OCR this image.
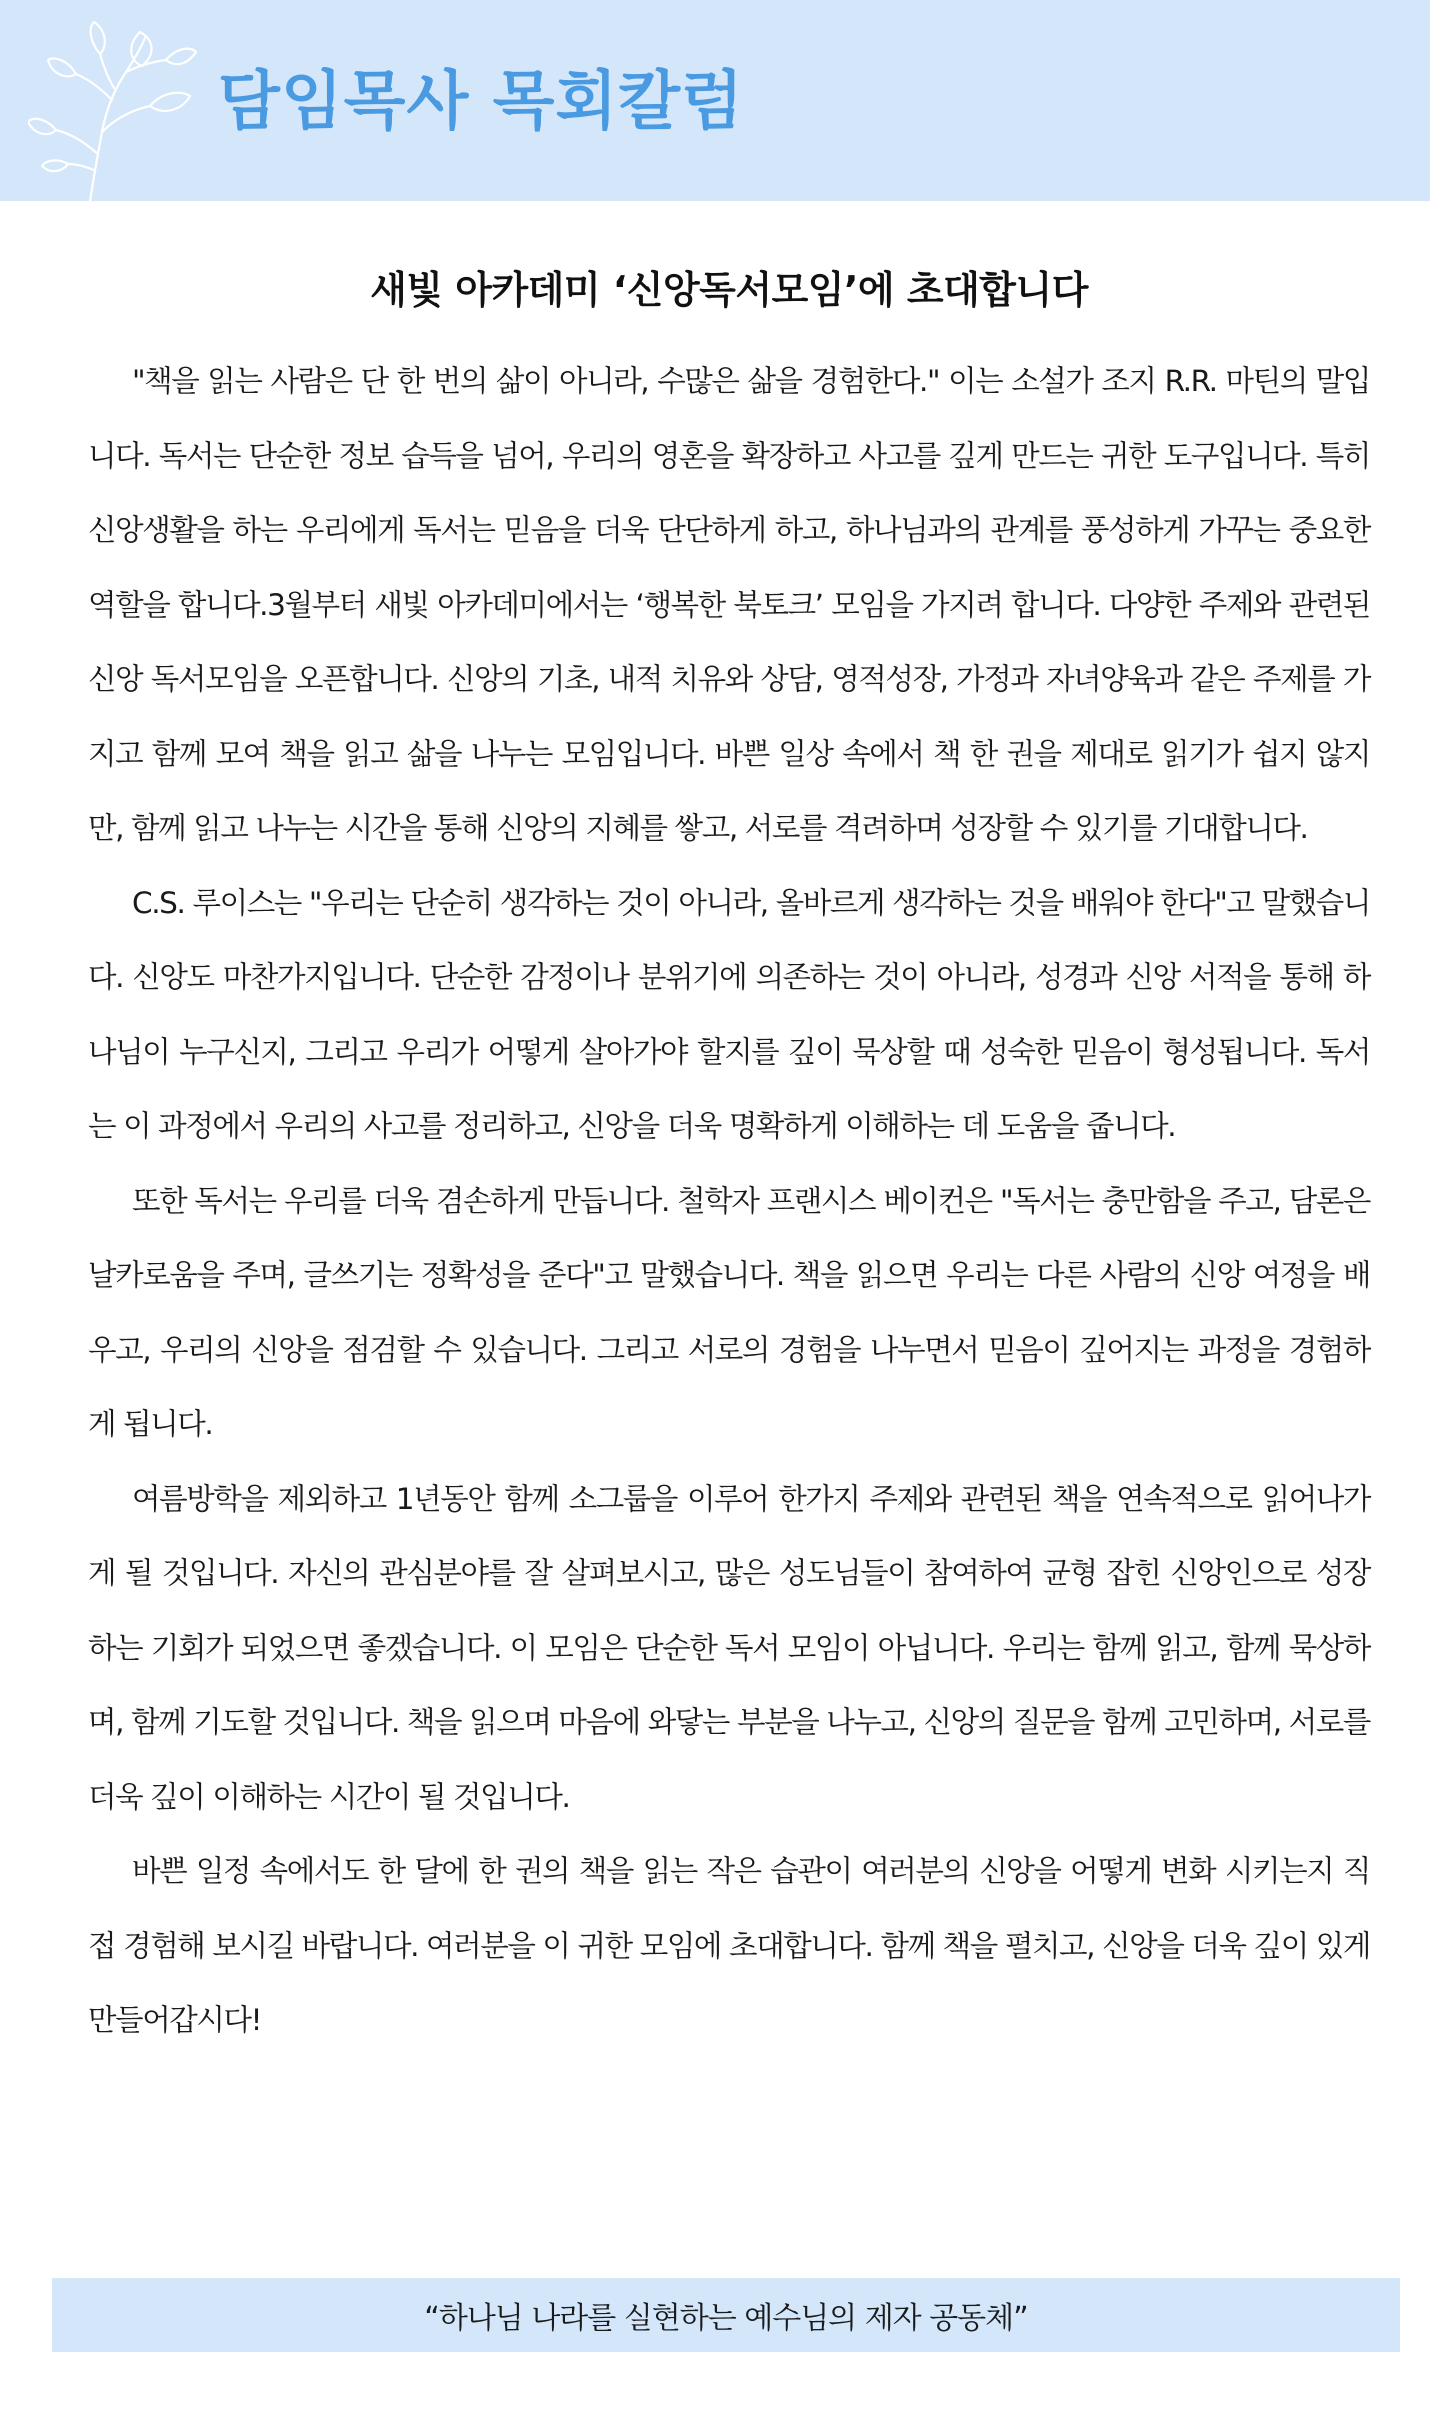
담임목사 목회칼럼
새빛 아카데미 ‘신앙독서모임’에 초대합니다

"책을 읽는 사람은 단 한 번의 삶이 아니라, 수많은 삶을 경험한다." 이는 소설가 조지 R.R. 마틴의 말입니다. 독서는 단순한 정보 습득을 넘어, 우리의 영혼을 확장하고 사고를 깊게 만드는 귀한 도구입니다. 특히 신앙생활을 하는 우리에게 독서는 믿음을 더욱 단단하게 하고, 하나님과의 관계를 풍성하게 가꾸는 중요한 역할을 합니다.3월부터 새빛 아카데미에서는 ‘행복한 북토크’ 모임을 가지려 합니다. 다양한 주제와 관련된 신앙 독서모임을 오픈합니다. 신앙의 기초, 내적 치유와 상담, 영적성장, 가정과 자녀양육과 같은 주제를 가지고 함께 모여 책을 읽고 삶을 나누는 모임입니다. 바쁜 일상 속에서 책 한 권을 제대로 읽기가 쉽지 않지만, 함께 읽고 나누는 시간을 통해 신앙의 지혜를 쌓고, 서로를 격려하며 성장할 수 있기를 기대합니다.

C.S. 루이스는 "우리는 단순히 생각하는 것이 아니라, 올바르게 생각하는 것을 배워야 한다"고 말했습니다. 신앙도 마찬가지입니다. 단순한 감정이나 분위기에 의존하는 것이 아니라, 성경과 신앙 서적을 통해 하나님이 누구신지, 그리고 우리가 어떻게 살아가야 할지를 깊이 묵상할 때 성숙한 믿음이 형성됩니다. 독서는 이 과정에서 우리의 사고를 정리하고, 신앙을 더욱 명확하게 이해하는 데 도움을 줍니다.

또한 독서는 우리를 더욱 겸손하게 만듭니다. 철학자 프랜시스 베이컨은 "독서는 충만함을 주고, 담론은 날카로움을 주며, 글쓰기는 정확성을 준다"고 말했습니다. 책을 읽으면 우리는 다른 사람의 신앙 여정을 배우고, 우리의 신앙을 점검할 수 있습니다. 그리고 서로의 경험을 나누면서 믿음이 깊어지는 과정을 경험하게 됩니다.

여름방학을 제외하고 1년동안 함께 소그룹을 이루어 한가지 주제와 관련된 책을 연속적으로 읽어나가게 될 것입니다. 자신의 관심분야를 잘 살펴보시고, 많은 성도님들이 참여하여 균형 잡힌 신앙인으로 성장하는 기회가 되었으면 좋겠습니다. 이 모임은 단순한 독서 모임이 아닙니다. 우리는 함께 읽고, 함께 묵상하며, 함께 기도할 것입니다. 책을 읽으며 마음에 와닿는 부분을 나누고, 신앙의 질문을 함께 고민하며, 서로를 더욱 깊이 이해하는 시간이 될 것입니다.

바쁜 일정 속에서도 한 달에 한 권의 책을 읽는 작은 습관이 여러분의 신앙을 어떻게 변화 시키는지 직접 경험해 보시길 바랍니다. 여러분을 이 귀한 모임에 초대합니다. 함께 책을 펼치고, 신앙을 더욱 깊이 있게 만들어갑시다!

“하나님 나라를 실현하는 예수님의 제자 공동체”
